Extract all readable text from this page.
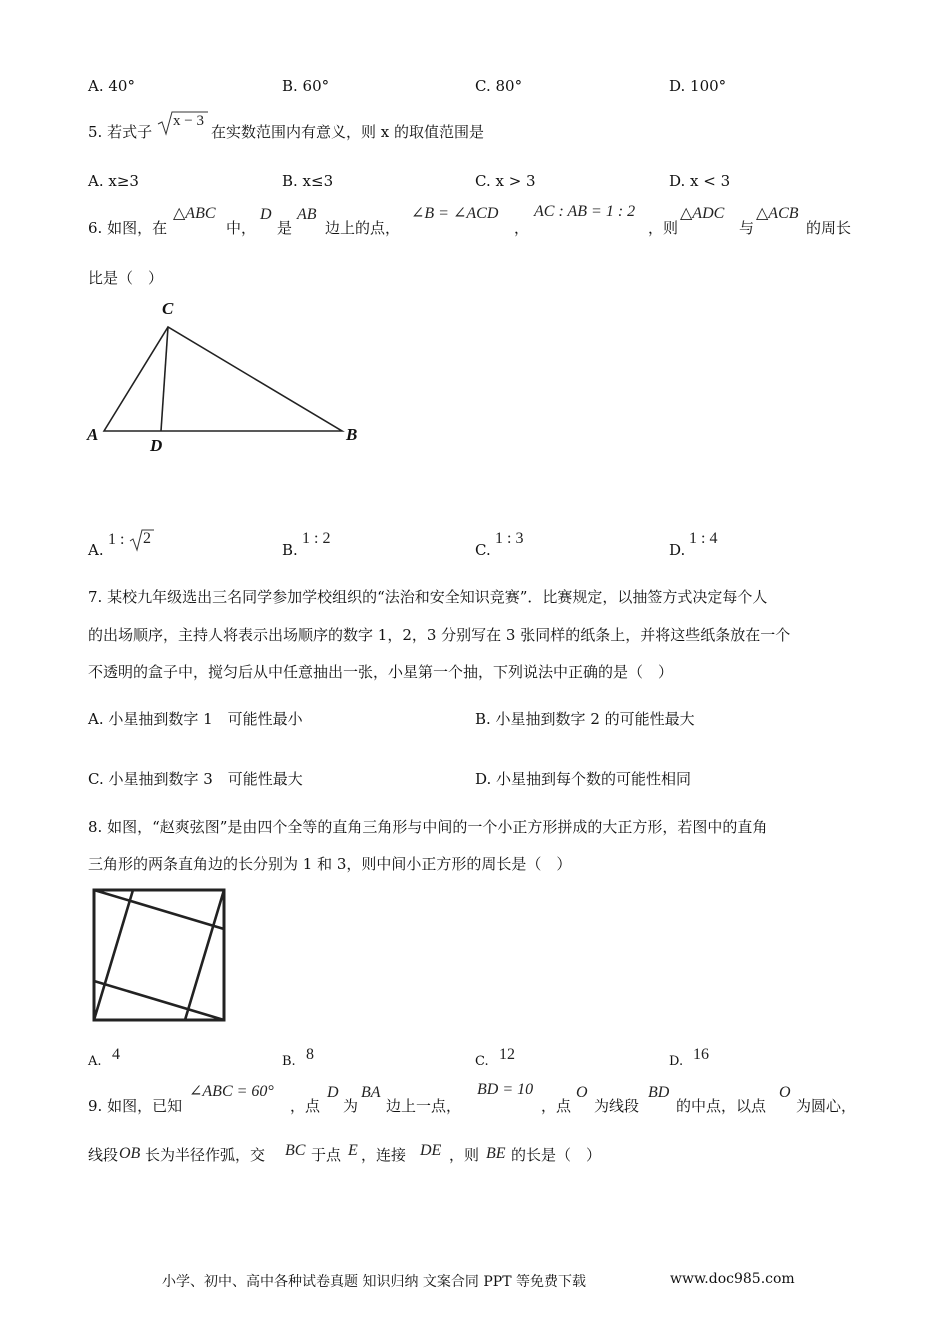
A. 40°	B. 60°	C. 80°	D. 100°
5. 若式子
x − 3
在实数范围内有意义，则 x 的取值范围是
A. x≥3	B. x≤3	C. x > 3	D. x < 3
6. 如图，在
△ABC
中，
D
是
AB
边上的点，
∠B = ∠ACD
，
AC : AB = 1 : 2
，则
△ADC
与
△ACB
的周长
比是（　）
C
A
D
B
A.
1 : 2
B.
1 : 2
C.
1 : 3
D.
1 : 4
7. 某校九年级选出三名同学参加学校组织的“法治和安全知识竞赛”．比赛规定，以抽签方式决定每个人
的出场顺序，主持人将表示出场顺序的数字 1，2，3 分别写在 3 张同样的纸条上，并将这些纸条放在一个
不透明的盒子中，搅匀后从中任意抽出一张，小星第一个抽，下列说法中正确的是（　）
A. 小星抽到数字 1　可能性最小	B. 小星抽到数字 2 的可能性最大
C. 小星抽到数字 3　可能性最大	D. 小星抽到每个数的可能性相同
8. 如图，“赵爽弦图”是由四个全等的直角三角形与中间的一个小正方形拼成的大正方形，若图中的直角
三角形的两条直角边的长分别为 1 和 3，则中间小正方形的周长是（　）
A. 4	B. 8	C. 12	D. 16
9. 如图，已知
∠ABC = 60°
，点
D
为
BA
边上一点，
BD = 10
，点
O
为线段
BD
的中点，以点
O
为圆心，
线段 OB 长为半径作弧，交 BC 于点 E ，连接 DE ，则 BE 的长是（　）
小学、初中、高中各种试卷真题 知识归纳 文案合同 PPT 等免费下载	www.doc985.com
